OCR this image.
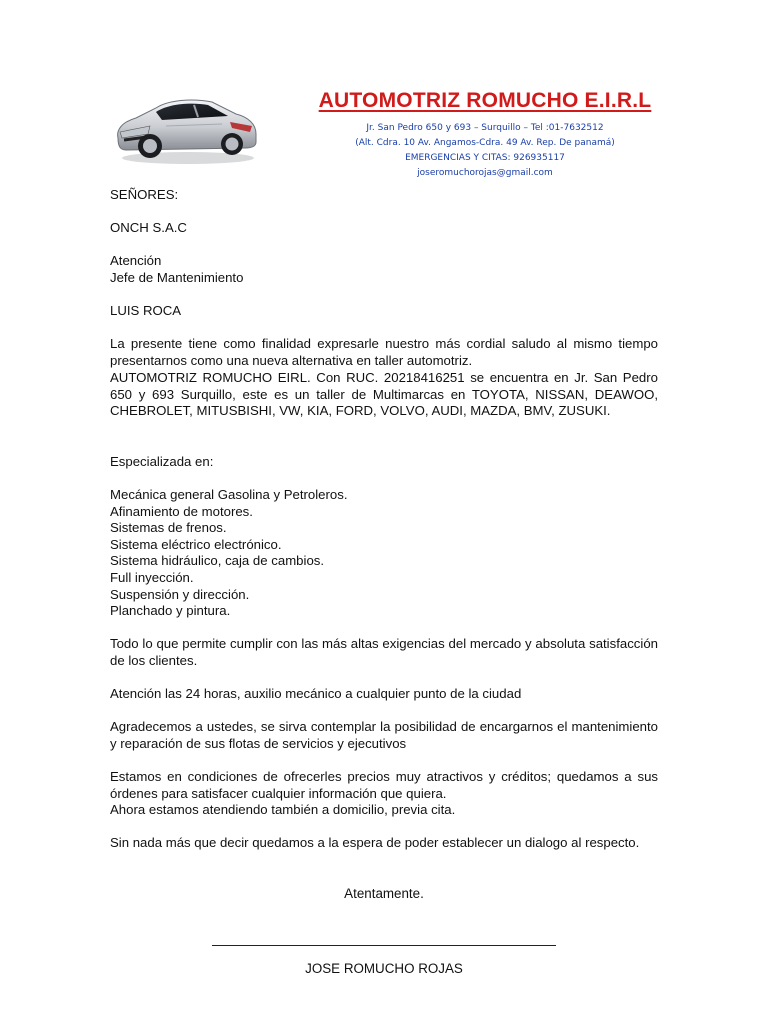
AUTOMOTRIZ ROMUCHO E.I.R.L
Jr. San Pedro 650 y 693 – Surquillo – Tel :01-7632512
(Alt. Cdra. 10 Av. Angamos-Cdra. 49 Av. Rep. De panamá)
EMERGENCIAS Y CITAS: 926935117
joseromuchorojas@gmail.com
SEÑORES:
ONCH S.A.C
Atención
Jefe de Mantenimiento
LUIS ROCA
La presente tiene como finalidad expresarle nuestro más cordial saludo al mismo tiempo presentarnos como una nueva alternativa en taller automotriz.
AUTOMOTRIZ ROMUCHO EIRL. Con RUC. 20218416251 se encuentra en Jr. San Pedro 650 y 693 Surquillo, este es un taller de Multimarcas en TOYOTA, NISSAN, DEAWOO, CHEBROLET, MITUSBISHI, VW, KIA, FORD, VOLVO, AUDI, MAZDA, BMV, ZUSUKI.
Especializada en:
Mecánica general Gasolina y Petroleros.
Afinamiento de motores.
Sistemas de frenos.
Sistema eléctrico electrónico.
Sistema hidráulico, caja de cambios.
Full inyección.
Suspensión y dirección.
Planchado y pintura.
Todo lo que permite cumplir con las más altas exigencias del mercado y absoluta satisfacción de los clientes.
Atención las 24 horas, auxilio mecánico a cualquier punto de la ciudad
Agradecemos a ustedes, se sirva contemplar la posibilidad de encargarnos el mantenimiento y reparación de sus flotas de servicios y ejecutivos
Estamos en condiciones de ofrecerles precios muy atractivos y créditos; quedamos a sus órdenes para satisfacer cualquier información que quiera.
Ahora estamos atendiendo también a domicilio, previa cita.
Sin nada más que decir quedamos a la espera de poder establecer un dialogo al respecto.
Atentamente.
JOSE ROMUCHO ROJAS
